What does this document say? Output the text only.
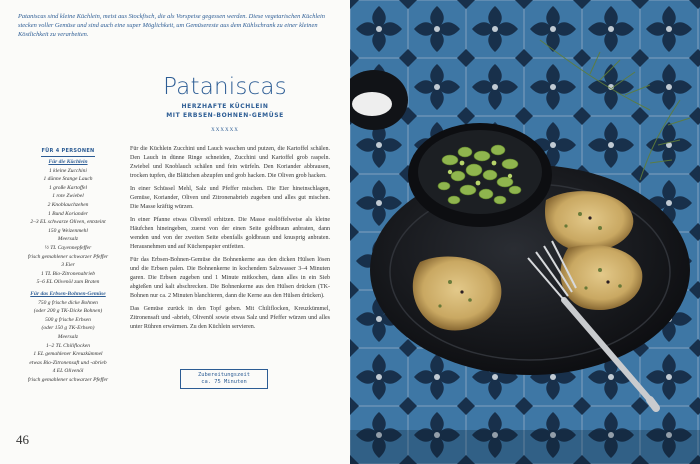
Pataniscas sind kleine Küchlein, meist aus Stockfisch, die als Vorspeise gegessen werden. Diese vegetarischen Küchlein stecken voller Gemüse und sind auch eine super Möglichkeit, um Gemüsereste aus dem Kühlschrank zu einer kleinen Köstlichkeit zu verarbeiten.
Pataniscas
HERZHAFTE KÜCHLEIN
MIT ERBSEN-BOHNEN-GEMÜSE
XXXXXX
FÜR 4 PERSONEN
Für die Küchlein
1 kleine Zucchini
1 dünne Stange Lauch
1 große Kartoffel
1 rote Zwiebel
2 Knoblauchzehen
1 Bund Koriander
2–3 EL schwarze Oliven, entsteint
150 g Weizenmehl
Meersalz
½ TL Cayennepfeffer
frisch gemahlener schwarzer Pfeffer
3 Eier
1 TL Bio-Zitronenabrieb
5–6 EL Olivenöl zum Braten
Für das Erbsen-Bohnen-Gemüse
750 g frische dicke Bohnen
(oder 200 g TK-Dicke Bohnen)
500 g frische Erbsen
(oder 150 g TK-Erbsen)
Meersalz
1–2 TL Chiliflocken
1 EL gemahlener Kreuzkümmel
etwas Bio-Zitronensaft und -abrieb
4 EL Olivenöl
frisch gemahlener schwarzer Pfeffer

Für die Küchlein Zucchini und Lauch waschen und putzen, die Kartoffel schälen. Den Lauch in dünne Ringe schneiden, Zucchini und Kartoffel grob raspeln. Zwiebel und Knoblauch schälen und fein würfeln. Den Koriander abbrausen, trocken tupfen, die Blättchen abzupfen und grob hacken. Die Oliven grob hacken.

In einer Schüssel Mehl, Salz und Pfeffer mischen. Die Eier hineinschlagen, Gemüse, Koriander, Oliven und Zitronenabrieb zugeben und alles gut mischen. Die Masse kräftig würzen.

In einer Pfanne etwas Olivenöl erhitzen. Die Masse esslöffelweise als kleine Häufchen hineingeben, zuerst von der einen Seite goldbraun anbraten, dann wenden und von der zweiten Seite ebenfalls goldbraun und knusprig anbraten. Herausnehmen und auf Küchenpapier entfetten.

Für das Erbsen-Bohnen-Gemüse die Bohnenkerne aus den dicken Hülsen lösen und die Erbsen palen. Die Bohnenkerne in kochendem Salzwasser 3–4 Minuten garen. Die Erbsen zugeben und 1 Minute mitkochen, dann alles in ein Sieb abgießen und kalt abschrecken. Die Bohnenkerne aus den Hülsen drücken (TK-Bohnen nur ca. 2 Minuten blanchieren, dann die Kerne aus den Hülsen drücken).

Das Gemüse zurück in den Topf geben. Mit Chiliflocken, Kreuzkümmel, Zitronensaft und -abrieb, Olivenöl sowie etwas Salz und Pfeffer würzen und alles unter Rühren erwärmen. Zu den Küchlein servieren.

Zubereitungszeit
ca. 75 Minuten
46
